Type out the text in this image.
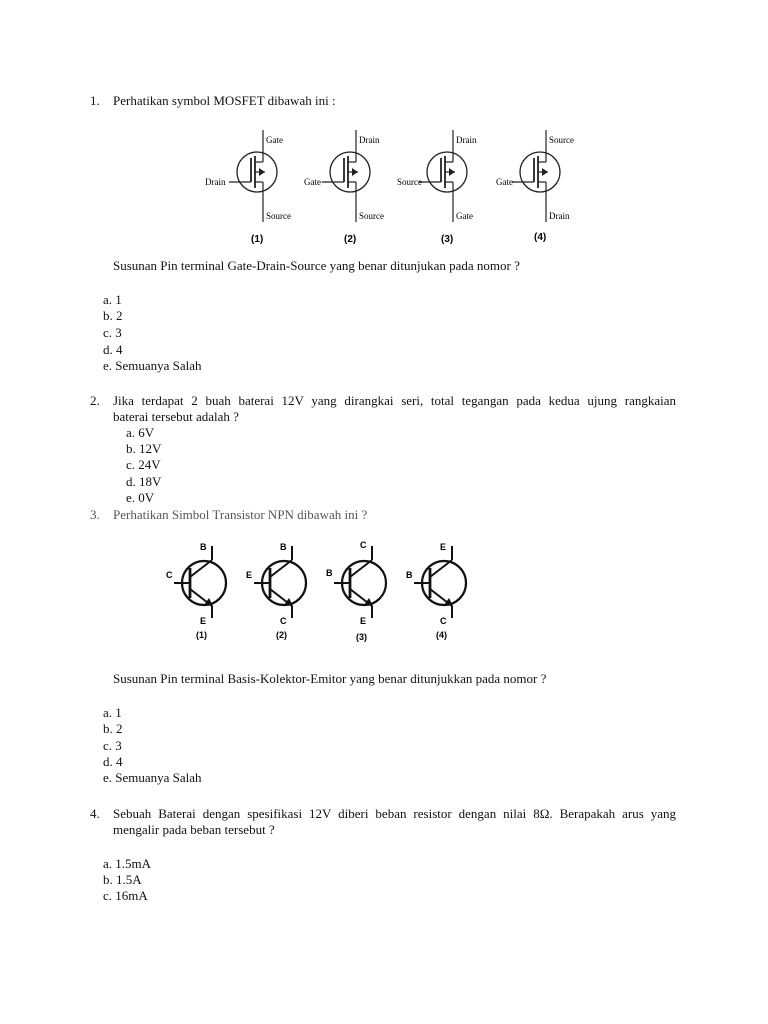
1. Perhatikan symbol MOSFET dibawah ini :
Gate
Drain
Source
(1)
Drain
Gate
Source
(2)
Drain
Source
Gate
(3)
Source
Gate
Drain
(4)
Susunan Pin terminal Gate-Drain-Source yang benar ditunjukan pada nomor ?
a. 1
b. 2
c. 3
d. 4
e. Semuanya Salah
2. Jika terdapat 2 buah baterai 12V yang dirangkai seri, total tegangan pada kedua ujung rangkaian
baterai tersebut adalah ?
a. 6V
b. 12V
c. 24V
d. 18V
e. 0V
3. Perhatikan Simbol Transistor NPN dibawah ini ?
B
C
E
(1)
B
E
C
(2)
C
B
E
(3)
E
B
C
(4)
Susunan Pin terminal Basis-Kolektor-Emitor yang benar ditunjukkan pada nomor ?
a. 1
b. 2
c. 3
d. 4
e. Semuanya Salah
4. Sebuah Baterai dengan spesifikasi 12V diberi beban resistor dengan nilai 8Ω. Berapakah arus yang
mengalir pada beban tersebut ?
a. 1.5mA
b. 1.5A
c. 16mA
